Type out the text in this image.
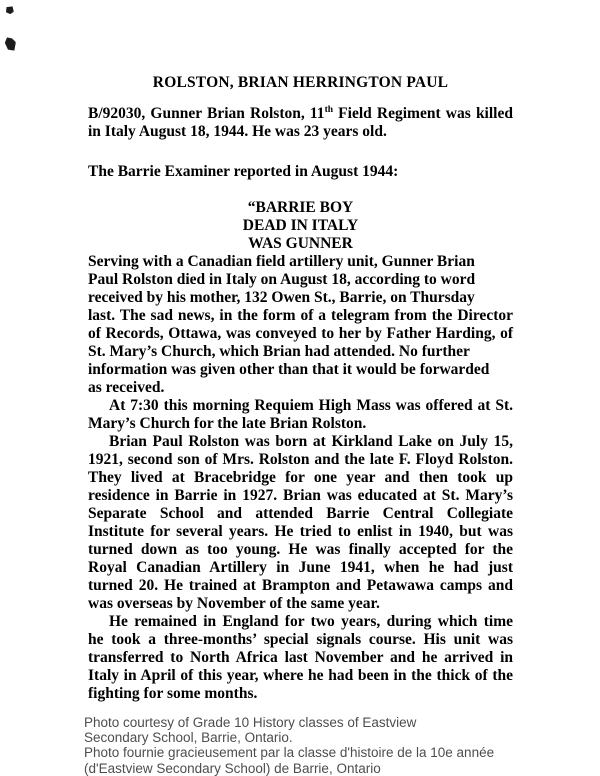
ROLSTON, BRIAN HERRINGTON PAUL
B/92030, Gunner Brian Rolston, 11th Field Regiment was killed
in Italy August 18, 1944. He was 23 years old.
The Barrie Examiner reported in August 1944:
“BARRIE BOY
DEAD IN ITALY
WAS GUNNER
Serving with a Canadian field artillery unit, Gunner Brian
Paul Rolston died in Italy on August 18, according to word
received by his mother, 132 Owen St., Barrie, on Thursday
last. The sad news, in the form of a telegram from the Director
of Records, Ottawa, was conveyed to her by Father Harding, of
St. Mary’s Church, which Brian had attended. No further
information was given other than that it would be forwarded
as received.
At 7:30 this morning Requiem High Mass was offered at St.
Mary’s Church for the late Brian Rolston.
Brian Paul Rolston was born at Kirkland Lake on July 15,
1921, second son of Mrs. Rolston and the late F. Floyd Rolston.
They lived at Bracebridge for one year and then took up
residence in Barrie in 1927. Brian was educated at St. Mary’s
Separate School and attended Barrie Central Collegiate
Institute for several years. He tried to enlist in 1940, but was
turned down as too young. He was finally accepted for the
Royal Canadian Artillery in June 1941, when he had just
turned 20. He trained at Brampton and Petawawa camps and
was overseas by November of the same year.
He remained in England for two years, during which time
he took a three-months’ special signals course. His unit was
transferred to North Africa last November and he arrived in
Italy in April of this year, where he had been in the thick of the
fighting for some months.
Photo courtesy of Grade 10 History classes of Eastview
Secondary School, Barrie, Ontario.
Photo fournie gracieusement par la classe d'histoire de la 10e année
(d'Eastview Secondary School) de Barrie, Ontario
